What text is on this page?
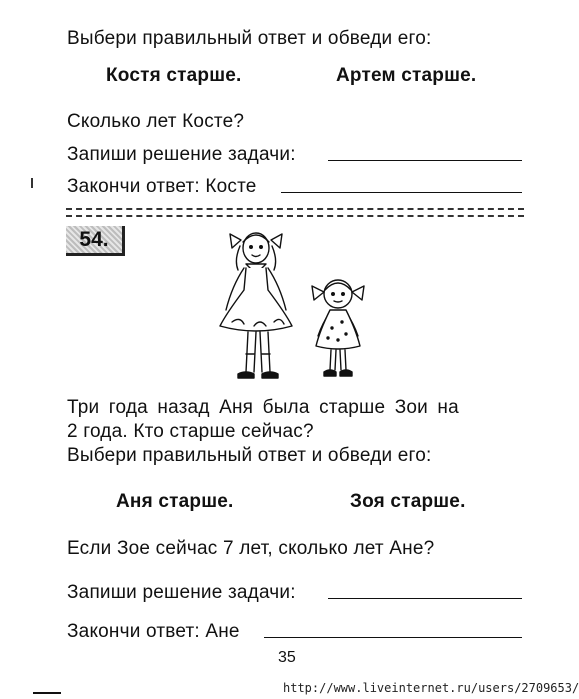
Выбери правильный ответ и обведи его:
Костя старше.	Артем старше.
Сколько лет Косте?
Запиши решение задачи:
Закончи ответ: Косте
54.
Три года назад Аня была старше Зои на
2 года. Кто старше сейчас?
Выбери правильный ответ и обведи его:
Аня старше.	Зоя старше.
Если Зое сейчас 7 лет, сколько лет Ане?
Запиши решение задачи:
Закончи ответ: Ане
35
http://www.liveinternet.ru/users/2709653/
